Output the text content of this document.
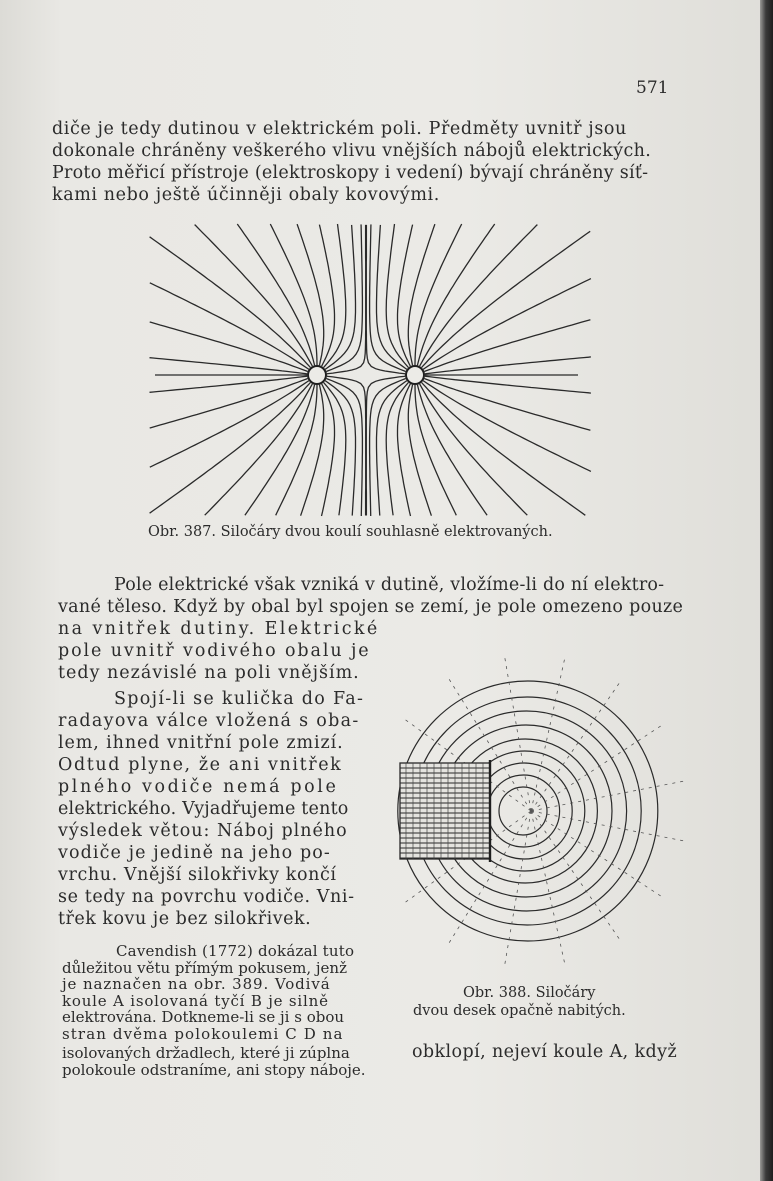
571
diče je tedy dutinou v elektrickém poli. Předměty uvnitř jsou
dokonale chráněny veškerého vlivu vnějších nábojů elektrických.
Proto měřicí přístroje (elektroskopy i vedení) bývají chráněny síť-
kami nebo ještě účinněji obaly kovovými.
Obr. 387. Siločáry dvou koulí souhlasně elektrovaných.
Pole elektrické však vzniká v dutině, vložíme-li do ní elektro-
vané těleso. Když by obal byl spojen se zemí, je pole omezeno pouze
na vnitřek dutiny. Elektrické
pole uvnitř vodivého obalu je
tedy nezávislé na poli vnějším.
Spojí-li se kulička do Fa-
radayova válce vložená s oba-
lem, ihned vnitřní pole zmizí.
Odtud plyne, že ani vnitřek
plného vodiče nemá pole
elektrického. Vyjadřujeme tento
výsledek větou: Náboj plného
vodiče je jedině na jeho po-
vrchu. Vnější silokřivky končí
se tedy na povrchu vodiče. Vni-
třek kovu je bez silokřivek.
Obr. 388. Siločáry
dvou desek opačně nabitých.
Cavendish (1772) dokázal tuto
důležitou větu přímým pokusem, jenž
je naznačen na obr. 389. Vodivá
koule A isolovaná tyčí B je silně
elektrována. Dotkneme-li se ji s obou
stran dvěma polokoulemi C D na
isolovaných držadlech, které ji zúplna	obklopí, nejeví koule A, když
polokoule odstraníme, ani stopy náboje.
